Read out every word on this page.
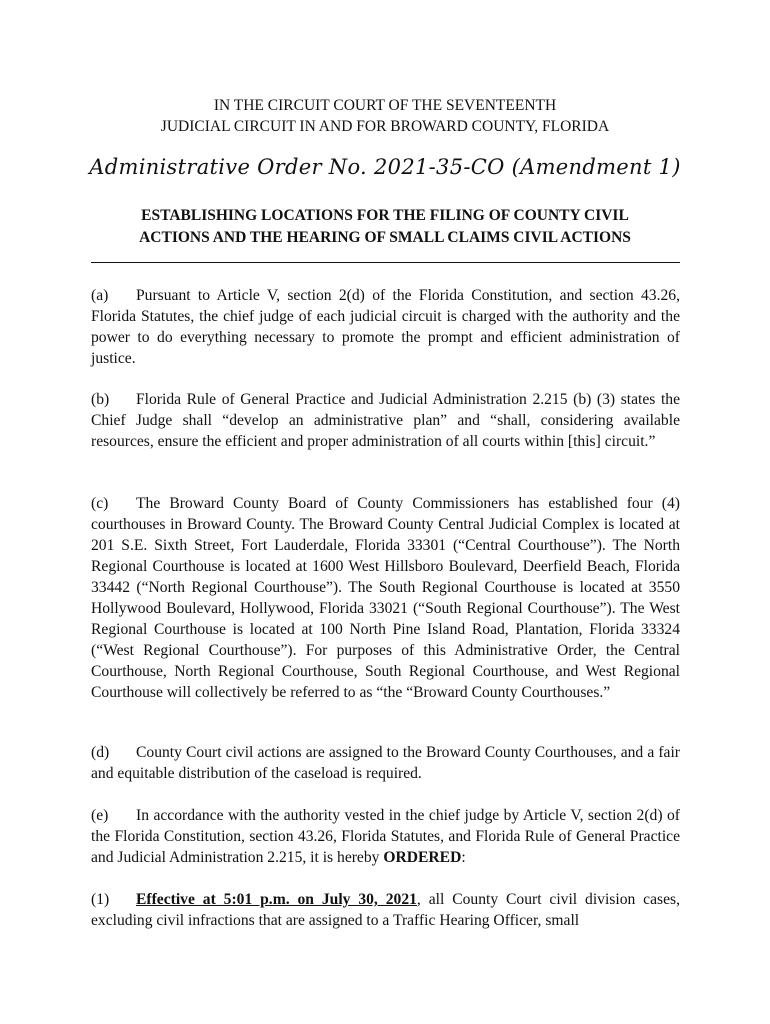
IN THE CIRCUIT COURT OF THE SEVENTEENTH
JUDICIAL CIRCUIT IN AND FOR BROWARD COUNTY, FLORIDA
Administrative Order No. 2021-35-CO (Amendment 1)
ESTABLISHING LOCATIONS FOR THE FILING OF COUNTY CIVIL
ACTIONS AND THE HEARING OF SMALL CLAIMS CIVIL ACTIONS

(a) Pursuant to Article V, section 2(d) of the Florida Constitution, and section 43.26, Florida Statutes, the chief judge of each judicial circuit is charged with the authority and the power to do everything necessary to promote the prompt and efficient administration of justice.

(b) Florida Rule of General Practice and Judicial Administration 2.215 (b) (3) states the Chief Judge shall “develop an administrative plan” and “shall, considering available resources, ensure the efficient and proper administration of all courts within [this] circuit.”

(c) The Broward County Board of County Commissioners has established four (4) courthouses in Broward County. The Broward County Central Judicial Complex is located at 201 S.E. Sixth Street, Fort Lauderdale, Florida 33301 (“Central Courthouse”). The North Regional Courthouse is located at 1600 West Hillsboro Boulevard, Deerfield Beach, Florida 33442 (“North Regional Courthouse”). The South Regional Courthouse is located at 3550 Hollywood Boulevard, Hollywood, Florida 33021 (“South Regional Courthouse”). The West Regional Courthouse is located at 100 North Pine Island Road, Plantation, Florida 33324 (“West Regional Courthouse”). For purposes of this Administrative Order, the Central Courthouse, North Regional Courthouse, South Regional Courthouse, and West Regional Courthouse will collectively be referred to as “the “Broward County Courthouses.”

(d) County Court civil actions are assigned to the Broward County Courthouses, and a fair and equitable distribution of the caseload is required.

(e) In accordance with the authority vested in the chief judge by Article V, section 2(d) of the Florida Constitution, section 43.26, Florida Statutes, and Florida Rule of General Practice and Judicial Administration 2.215, it is hereby ORDERED:

(1) Effective at 5:01 p.m. on July 30, 2021, all County Court civil division cases, excluding civil infractions that are assigned to a Traffic Hearing Officer, small
